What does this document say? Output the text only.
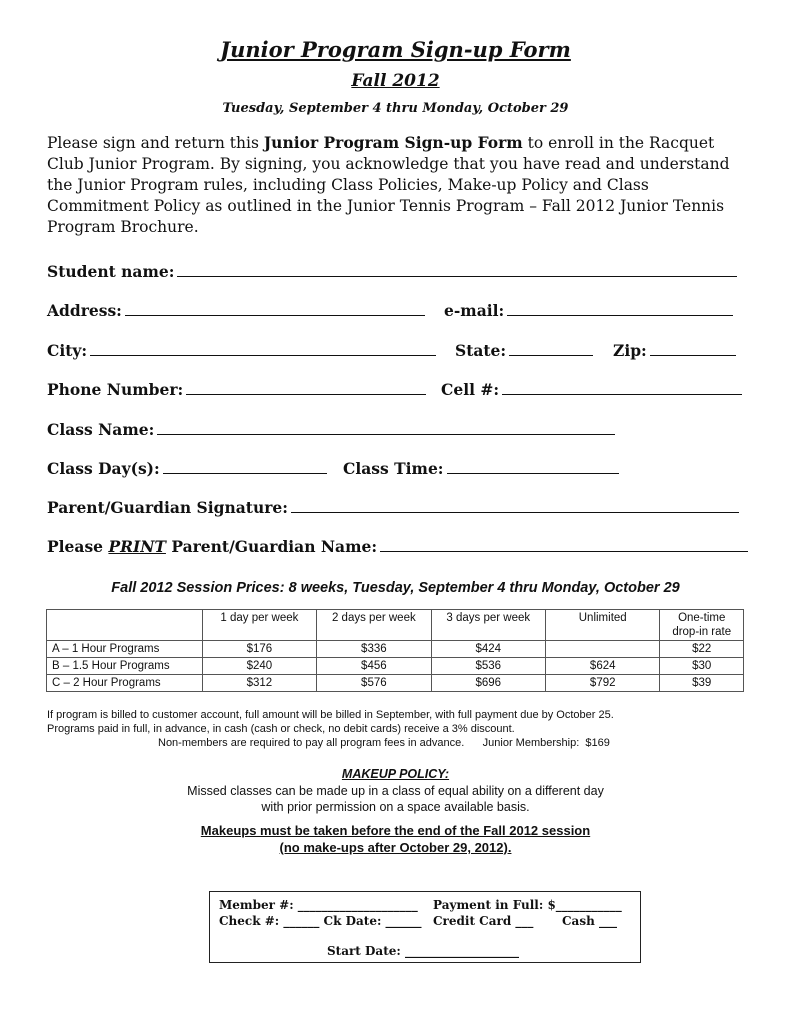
Junior Program Sign-up Form
Fall 2012
Tuesday, September 4 thru Monday, October 29
Please sign and return this Junior Program Sign-up Form to enroll in the Racquet Club Junior Program. By signing, you acknowledge that you have read and understand the Junior Program rules, including Class Policies, Make-up Policy and Class Commitment Policy as outlined in the Junior Tennis Program – Fall 2012 Junior Tennis Program Brochure.
Student name:
Address:	e-mail:
City:	State:	Zip:
Phone Number:	Cell #:
Class Name:
Class Day(s):	Class Time:
Parent/Guardian Signature:
Please PRINT Parent/Guardian Name:
Fall 2012 Session Prices: 8 weeks, Tuesday, September 4 thru Monday, October 29
	1 day per week	2 days per week	3 days per week	Unlimited	One-time
drop-in rate
A – 1 Hour Programs	$176	$336	$424		$22
B – 1.5 Hour Programs	$240	$456	$536	$624	$30
C – 2 Hour Programs	$312	$576	$696	$792	$39
If program is billed to customer account, full amount will be billed in September, with full payment due by October 25.
Programs paid in full, in advance, in cash (cash or check, no debit cards) receive a 3% discount.
Non-members are required to pay all program fees in advance.      Junior Membership:  $169
MAKEUP POLICY:
Missed classes can be made up in a class of equal ability on a different day
with prior permission on a space available basis.
Makeups must be taken before the end of the Fall 2012 session
(no make-ups after October 29, 2012).
Member #: ____________________ Payment in Full: $___________
Check #: ______ Ck Date: ______ Credit Card ___ Cash ___
Start Date: ___________________
